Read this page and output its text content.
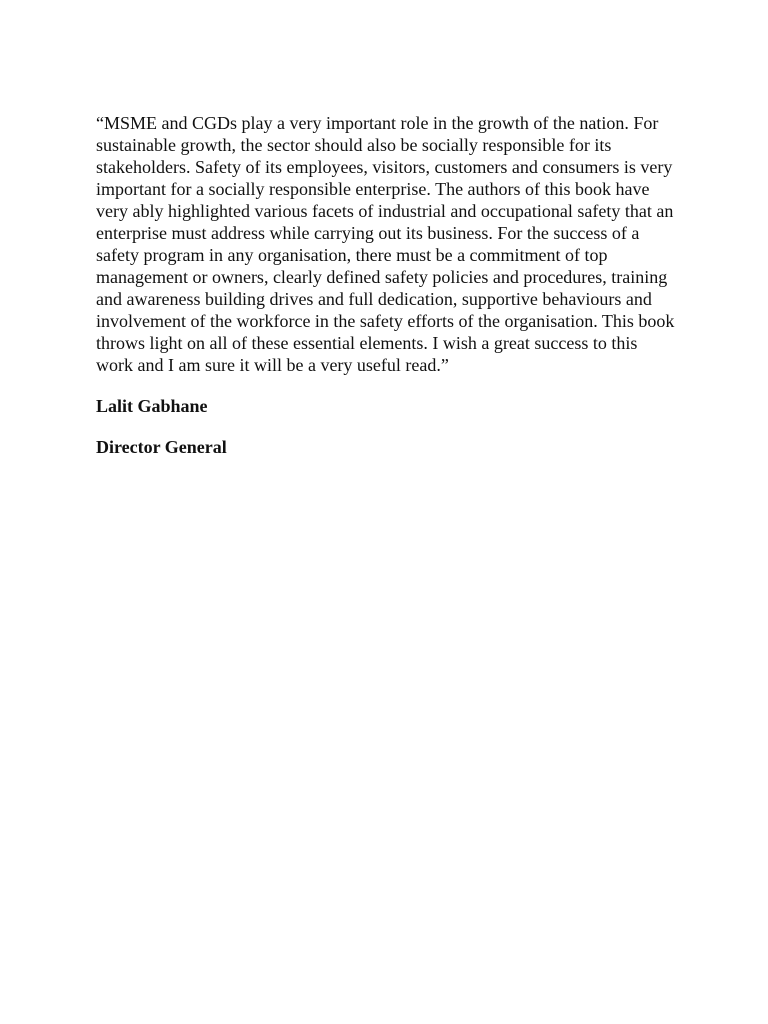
“MSME and CGDs play a very important role in the growth of the nation. For sustainable growth, the sector should also be socially responsible for its stakeholders. Safety of its employees, visitors, customers and consumers is very important for a socially responsible enterprise. The authors of this book have very ably highlighted various facets of industrial and occupational safety that an enterprise must address while carrying out its business. For the success of a safety program in any organisation, there must be a commitment of top management or owners, clearly defined safety policies and procedures, training and awareness building drives and full dedication, supportive behaviours and involvement of the workforce in the safety efforts of the organisation. This book throws light on all of these essential elements. I wish a great success to this work and I am sure it will be a very useful read.”

Lalit Gabhane

Director General
